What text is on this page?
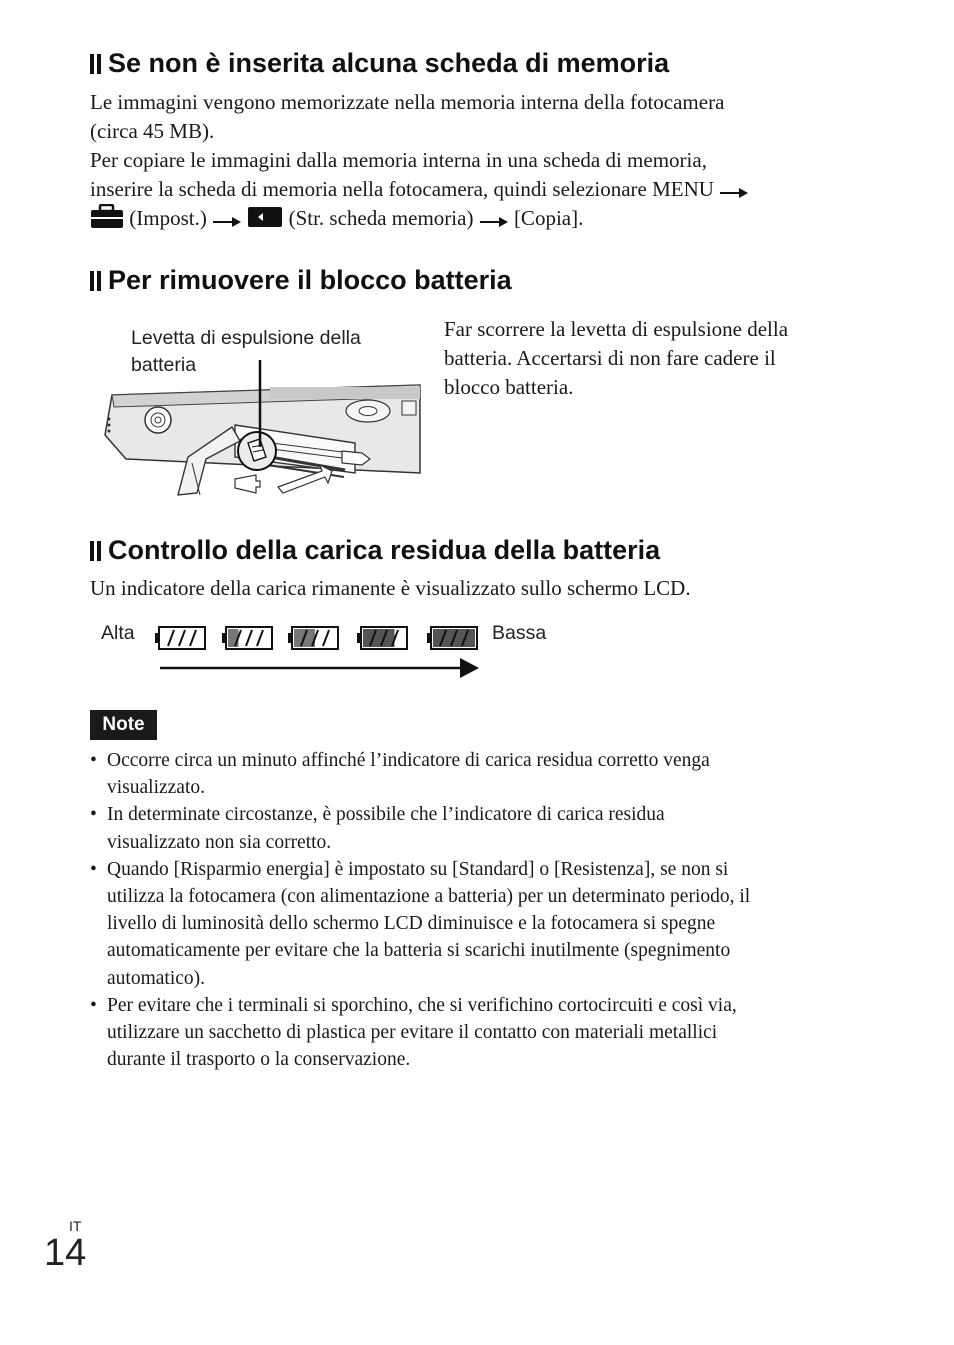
Se non è inserita alcuna scheda di memoria

Le immagini vengono memorizzate nella memoria interna della fotocamera

(circa 45 MB).

Per copiare le immagini dalla memoria interna in una scheda di memoria,

inserire la scheda di memoria nella fotocamera, quindi selezionare MENU

(Impost.)	(Str. scheda memoria) [Copia].

Per rimuovere il blocco batteria
Levetta di espulsione della
batteria

Far scorrere la levetta di espulsione della

batteria. Accertarsi di non fare cadere il

blocco batteria.

Controllo della carica residua della batteria

Un indicatore della carica rimanente è visualizzato sullo schermo LCD.

Alta	Bassa
Note
• Occorre circa un minuto affinché l’indicatore di carica residua corretto venga
visualizzato.
• In determinate circostanze, è possibile che l’indicatore di carica residua
visualizzato non sia corretto.
• Quando [Risparmio energia] è impostato su [Standard] o [Resistenza], se non si
utilizza la fotocamera (con alimentazione a batteria) per un determinato periodo, il
livello di luminosità dello schermo LCD diminuisce e la fotocamera si spegne
automaticamente per evitare che la batteria si scarichi inutilmente (spegnimento
automatico).
• Per evitare che i terminali si sporchino, che si verifichino cortocircuiti e così via,
utilizzare un sacchetto di plastica per evitare il contatto con materiali metallici
durante il trasporto o la conservazione.
IT
14
